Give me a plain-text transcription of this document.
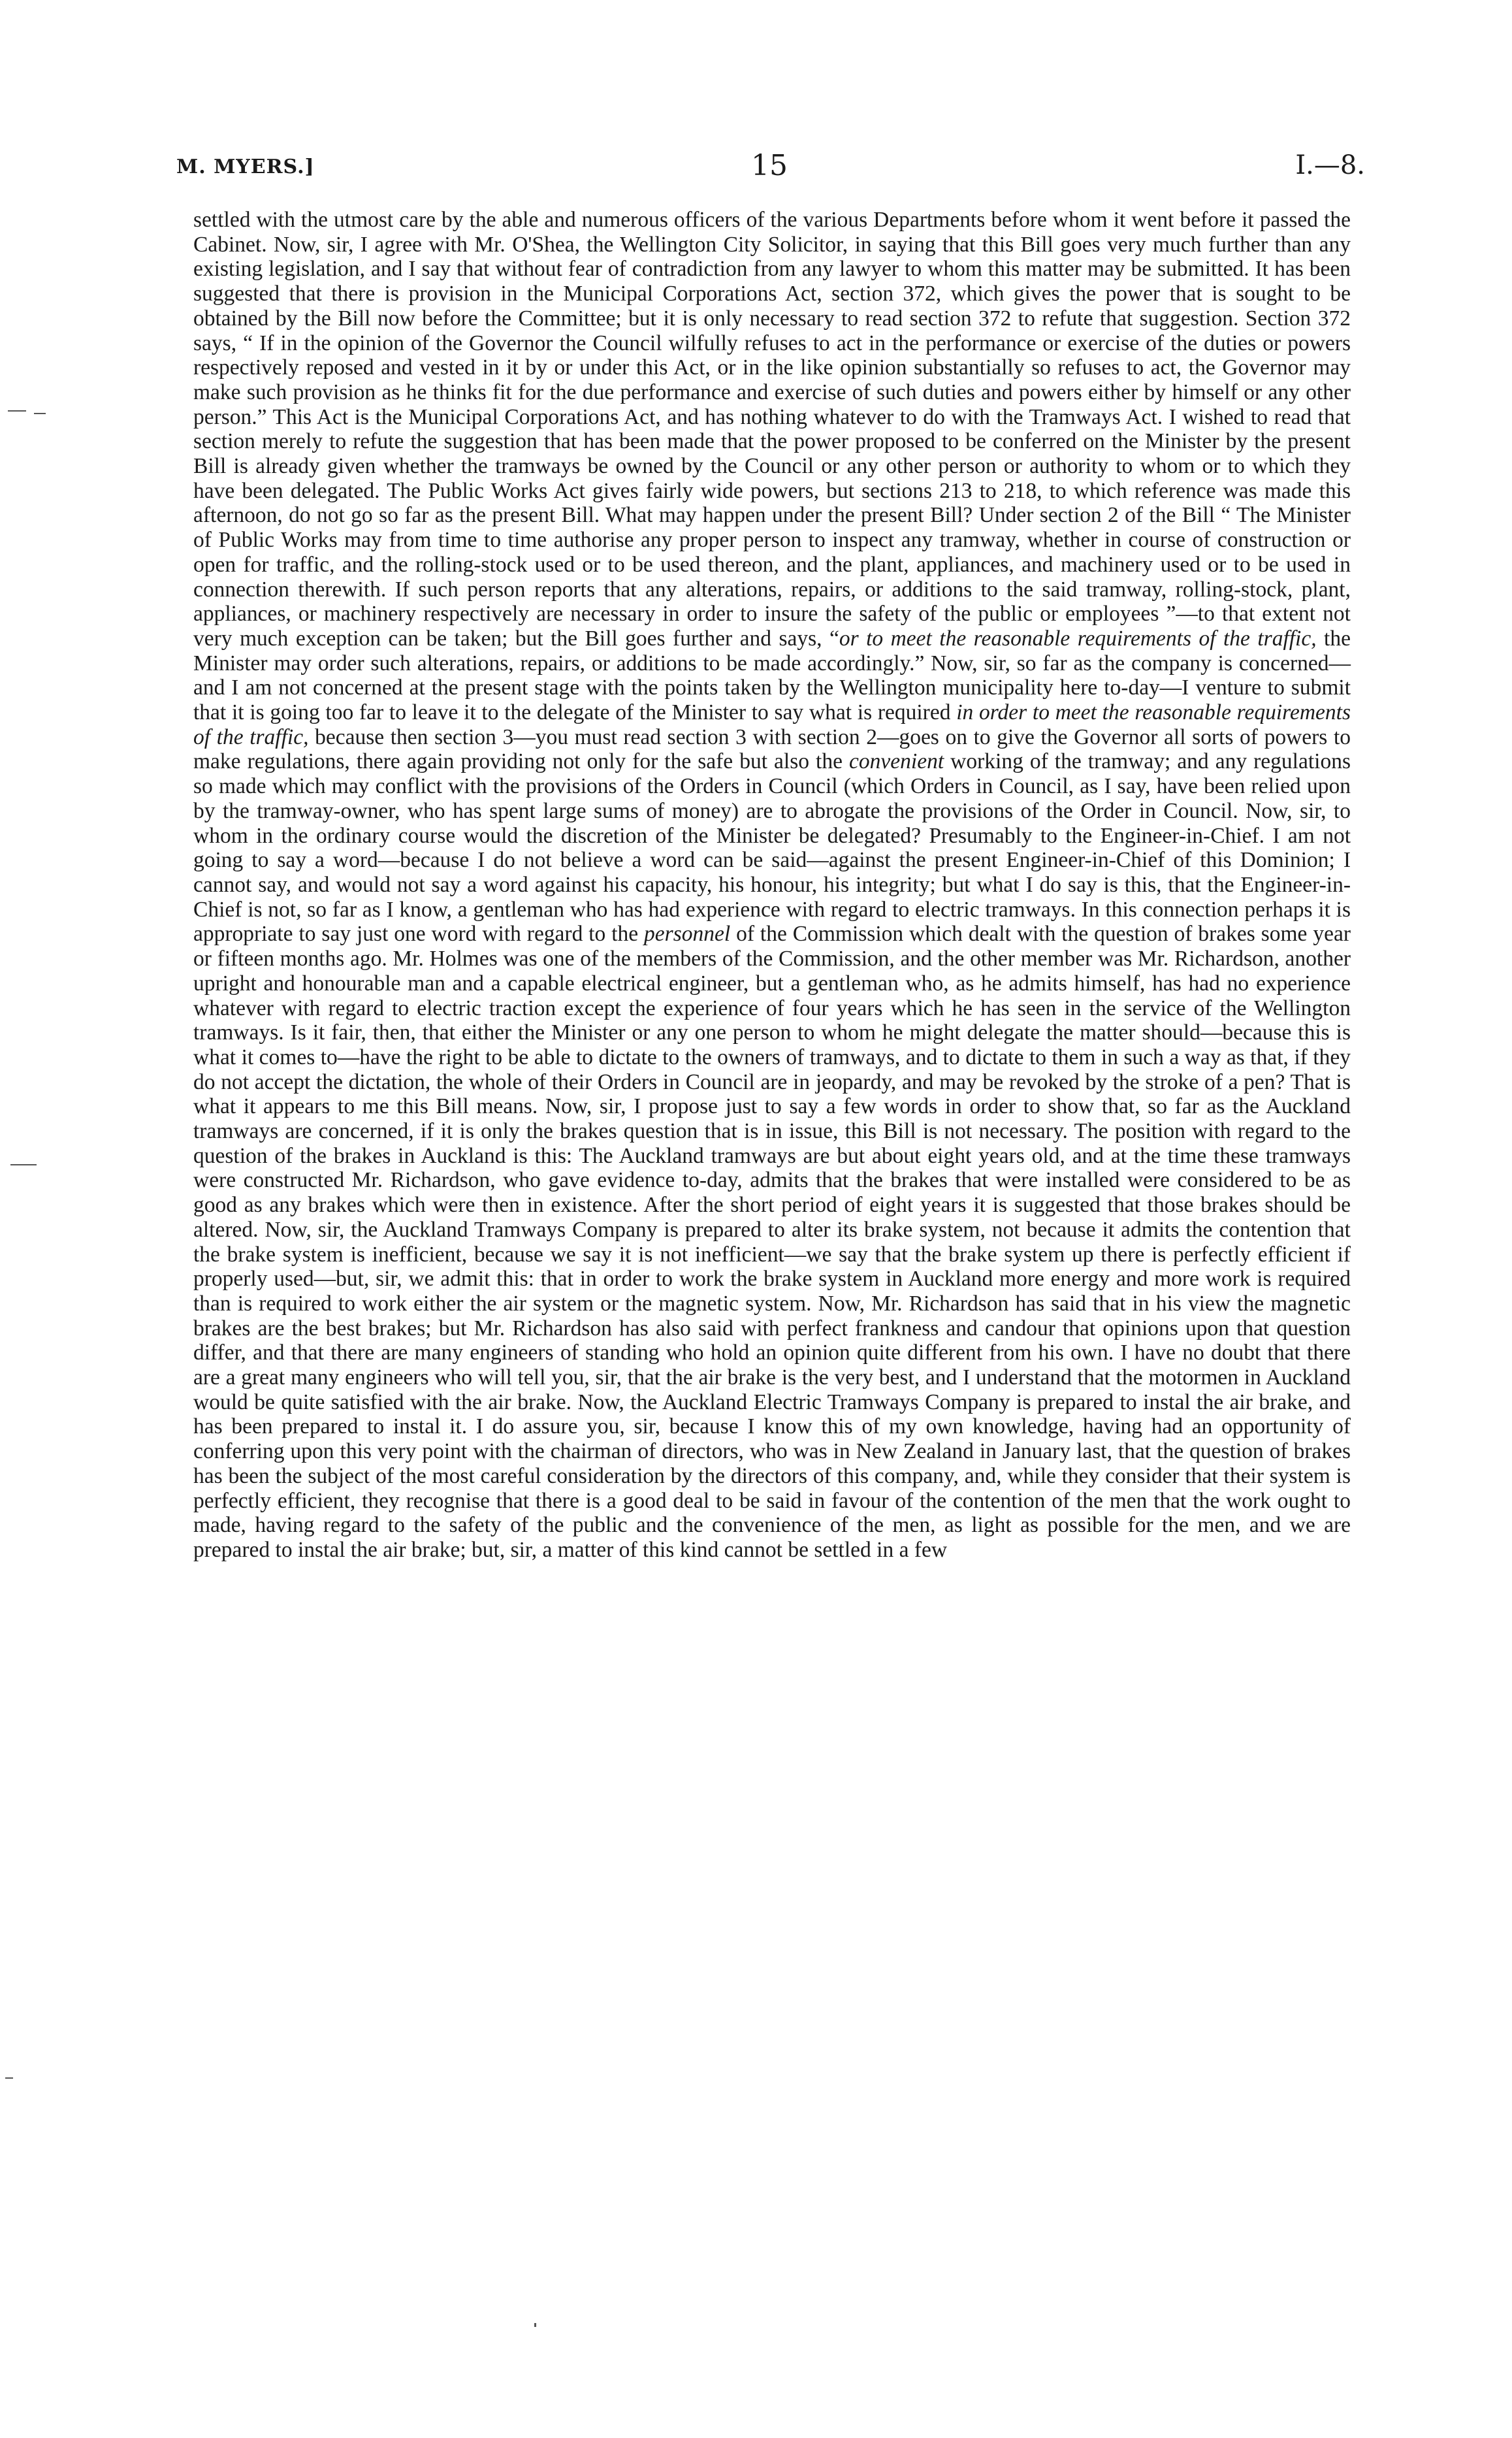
M. MYERS.]	15	I.—8.

settled with the utmost care by the able and numerous officers of the various Departments before whom it went before it passed the Cabinet. Now, sir, I agree with Mr. O'Shea, the Wellington City Solicitor, in saying that this Bill goes very much further than any existing legislation, and I say that without fear of contradiction from any lawyer to whom this matter may be submitted. It has been suggested that there is provision in the Municipal Corporations Act, section 372, which gives the power that is sought to be obtained by the Bill now before the Committee; but it is only necessary to read section 372 to refute that suggestion. Section 372 says, “ If in the opinion of the Governor the Council wilfully refuses to act in the performance or exercise of the duties or powers respectively reposed and vested in it by or under this Act, or in the like opinion substantially so refuses to act, the Governor may make such provision as he thinks fit for the due performance and exercise of such duties and powers either by himself or any other person.” This Act is the Municipal Corporations Act, and has nothing whatever to do with the Tramways Act. I wished to read that section merely to refute the suggestion that has been made that the power proposed to be conferred on the Minister by the present Bill is already given whether the tramways be owned by the Council or any other person or authority to whom or to which they have been delegated. The Public Works Act gives fairly wide powers, but sections 213 to 218, to which reference was made this afternoon, do not go so far as the present Bill. What may happen under the present Bill? Under section 2 of the Bill “ The Minister of Public Works may from time to time authorise any proper person to inspect any tramway, whether in course of construction or open for traffic, and the rolling-stock used or to be used thereon, and the plant, appliances, and machinery used or to be used in connection therewith. If such person reports that any alterations, repairs, or additions to the said tramway, rolling-stock, plant, appliances, or machinery respectively are necessary in order to insure the safety of the public or employees ”—to that extent not very much exception can be taken; but the Bill goes further and says, “or to meet the reasonable requirements of the traffic, the Minister may order such alterations, repairs, or additions to be made accordingly.” Now, sir, so far as the company is concerned—and I am not concerned at the present stage with the points taken by the Wellington municipality here to-day—I venture to submit that it is going too far to leave it to the delegate of the Minister to say what is required in order to meet the reasonable requirements of the traffic, because then section 3—you must read section 3 with section 2—goes on to give the Governor all sorts of powers to make regulations, there again providing not only for the safe but also the convenient working of the tramway; and any regulations so made which may conflict with the provisions of the Orders in Council (which Orders in Council, as I say, have been relied upon by the tramway-owner, who has spent large sums of money) are to abrogate the provisions of the Order in Council. Now, sir, to whom in the ordinary course would the discretion of the Minister be delegated? Presumably to the Engineer-in-Chief. I am not going to say a word—because I do not believe a word can be said—against the present Engineer-in-Chief of this Dominion; I cannot say, and would not say a word against his capacity, his honour, his integrity; but what I do say is this, that the Engineer-in-Chief is not, so far as I know, a gentleman who has had experience with regard to electric tramways. In this connection perhaps it is appropriate to say just one word with regard to the personnel of the Commission which dealt with the question of brakes some year or fifteen months ago. Mr. Holmes was one of the members of the Commission, and the other member was Mr. Richardson, another upright and honourable man and a capable electrical engineer, but a gentleman who, as he admits himself, has had no experience whatever with regard to electric traction except the experience of four years which he has seen in the service of the Wellington tramways. Is it fair, then, that either the Minister or any one person to whom he might delegate the matter should—because this is what it comes to—have the right to be able to dictate to the owners of tramways, and to dictate to them in such a way as that, if they do not accept the dictation, the whole of their Orders in Council are in jeopardy, and may be revoked by the stroke of a pen? That is what it appears to me this Bill means. Now, sir, I propose just to say a few words in order to show that, so far as the Auckland tramways are concerned, if it is only the brakes question that is in issue, this Bill is not necessary. The position with regard to the question of the brakes in Auckland is this: The Auckland tramways are but about eight years old, and at the time these tramways were constructed Mr. Richardson, who gave evidence to-day, admits that the brakes that were installed were considered to be as good as any brakes which were then in existence. After the short period of eight years it is suggested that those brakes should be altered. Now, sir, the Auckland Tramways Company is prepared to alter its brake system, not because it admits the contention that the brake system is inefficient, because we say it is not inefficient—we say that the brake system up there is perfectly efficient if properly used—but, sir, we admit this: that in order to work the brake system in Auckland more energy and more work is required than is required to work either the air system or the magnetic system. Now, Mr. Richardson has said that in his view the magnetic brakes are the best brakes; but Mr. Richardson has also said with perfect frankness and candour that opinions upon that question differ, and that there are many engineers of standing who hold an opinion quite different from his own. I have no doubt that there are a great many engineers who will tell you, sir, that the air brake is the very best, and I understand that the motormen in Auckland would be quite satisfied with the air brake. Now, the Auckland Electric Tramways Company is prepared to instal the air brake, and has been prepared to instal it. I do assure you, sir, because I know this of my own knowledge, having had an opportunity of conferring upon this very point with the chairman of directors, who was in New Zealand in January last, that the question of brakes has been the subject of the most careful consideration by the directors of this company, and, while they consider that their system is perfectly efficient, they recognise that there is a good deal to be said in favour of the contention of the men that the work ought to made, having regard to the safety of the public and the convenience of the men, as light as possible for the men, and we are prepared to instal the air brake; but, sir, a matter of this kind cannot be settled in a few
